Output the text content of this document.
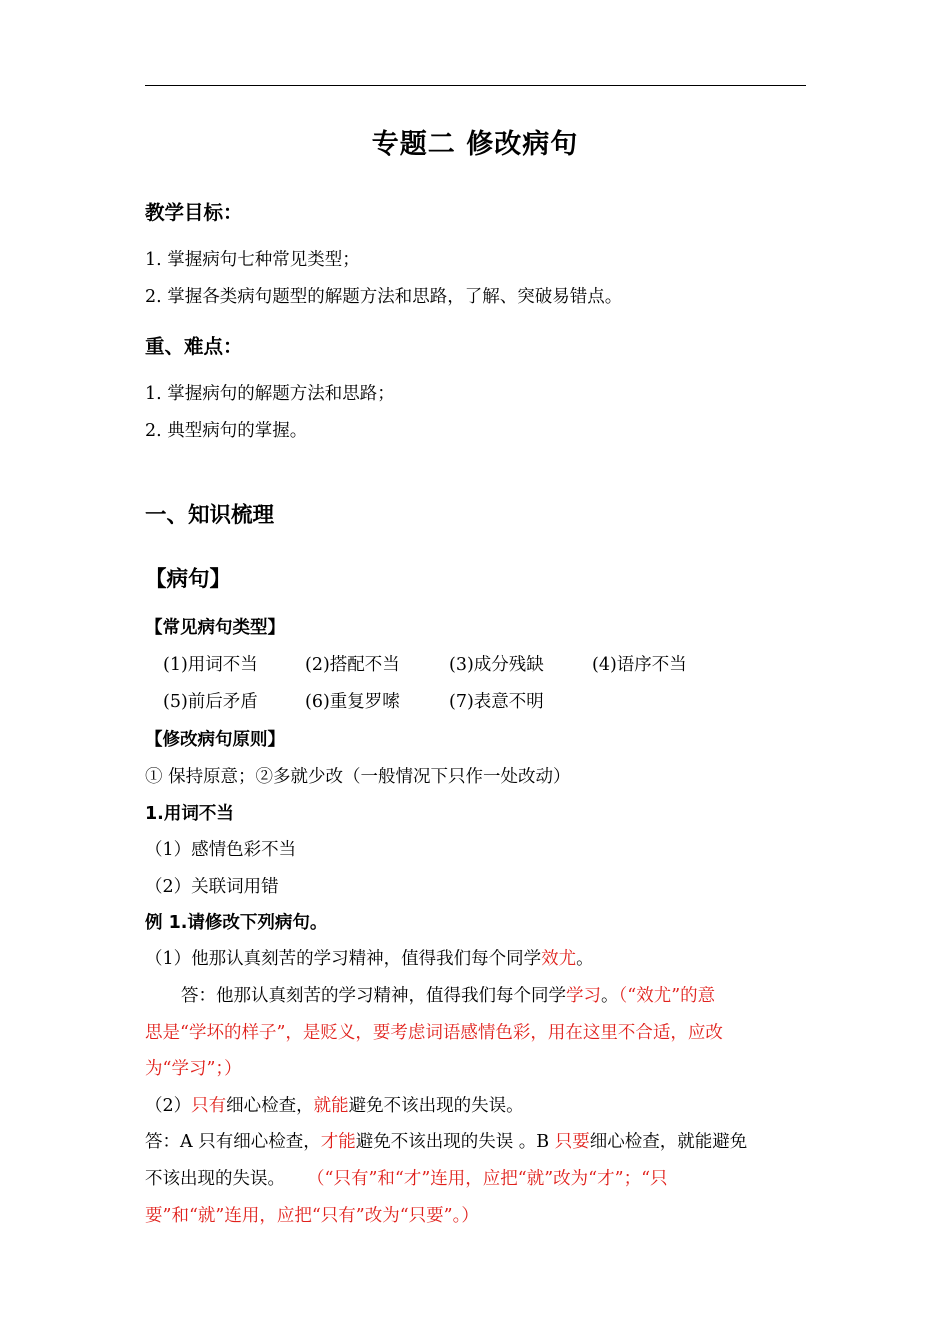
专题二 修改病句
教学目标：
1. 掌握病句七种常见类型；
2. 掌握各类病句题型的解题方法和思路，了解、突破易错点。
重、难点：
1. 掌握病句的解题方法和思路；
2. 典型病句的掌握。
一、知识梳理
【病句】
【常见病句类型】
(1)用词不当	(2)搭配不当	(3)成分残缺	(4)语序不当
(5)前后矛盾	(6)重复罗嗦	(7)表意不明
【修改病句原则】
① 保持原意；②多就少改（一般情况下只作一处改动）
1.用词不当
（1）感情色彩不当
（2）关联词用错
例 1.请修改下列病句。
（1）他那认真刻苦的学习精神，值得我们每个同学效尤。
答：他那认真刻苦的学习精神，值得我们每个同学学习。（“效尤”的意
思是“学坏的样子”，是贬义，要考虑词语感情色彩，用在这里不合适，应改
为“学习”；）
（2）只有细心检查，就能避免不该出现的失误。
答：A 只有细心检查，才能避免不该出现的失误 。B 只要细心检查，就能避免
不该出现的失误。 （“只有”和“才”连用，应把“就”改为“才”；“只
要”和“就”连用，应把“只有”改为“只要”。）
